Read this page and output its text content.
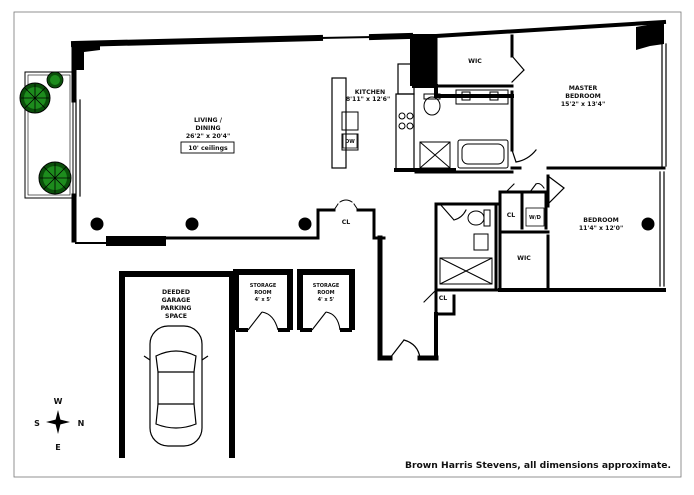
LIVING /
DINING
26'2" x 20'4"
10' ceilings
KITCHEN
8'11" x 12'6"
DW
WIC
MASTER
BEDROOM
15'2" x 13'4"
BEDROOM
11'4" x 12'0"
CL
CL	W/D
WIC
CL
STORAGE
ROOM
4' x 5'
STORAGE
ROOM
4' x 5'
DEEDED
GARAGE
PARKING
SPACE
W
E
S	N
Brown Harris Stevens, all dimensions approximate.
